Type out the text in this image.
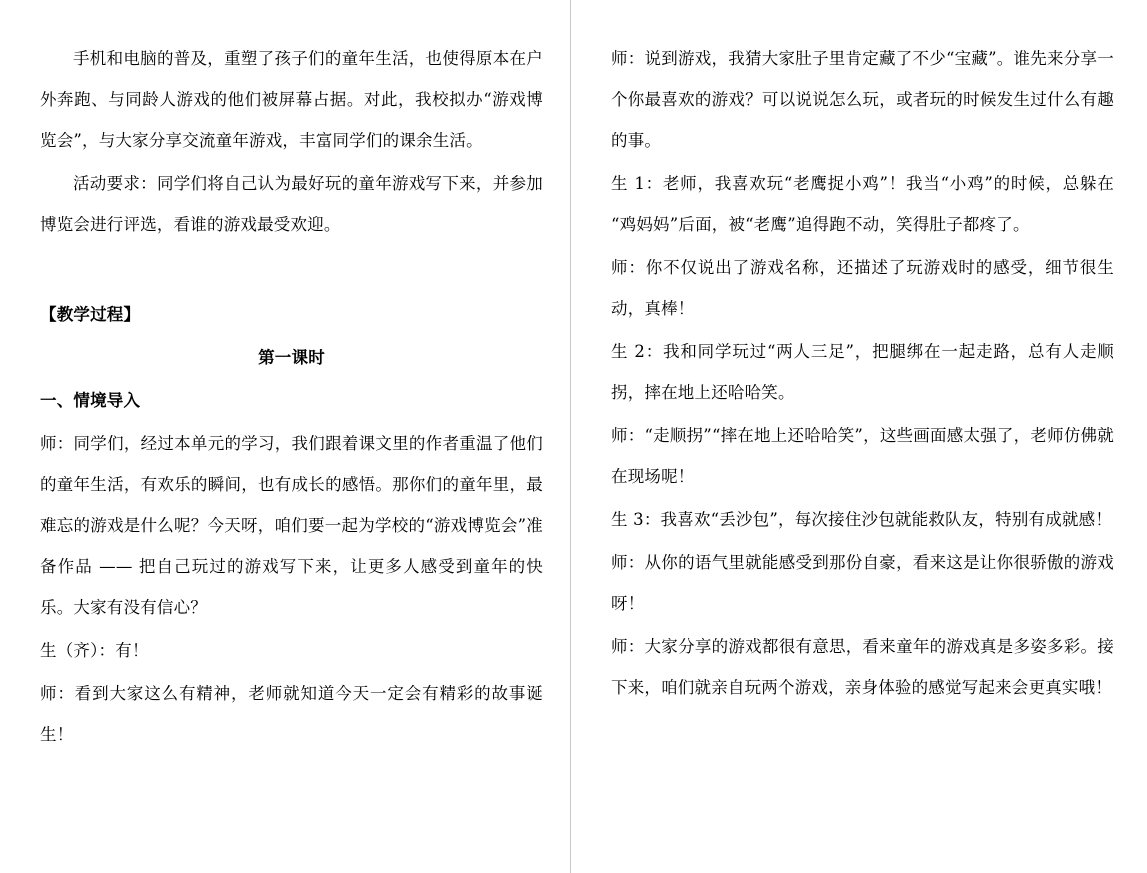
手机和电脑的普及，重塑了孩子们的童年生活，也使得原本在户外奔跑、与同龄人游戏的他们被屏幕占据。对此，我校拟办“游戏博览会”，与大家分享交流童年游戏，丰富同学们的课余生活。

活动要求：同学们将自己认为最好玩的童年游戏写下来，并参加博览会进行评选，看谁的游戏最受欢迎。

【教学过程】

第一课时

一、情境导入

师：同学们，经过本单元的学习，我们跟着课文里的作者重温了他们的童年生活，有欢乐的瞬间，也有成长的感悟。那你们的童年里，最难忘的游戏是什么呢？今天呀，咱们要一起为学校的“游戏博览会”准备作品 —— 把自己玩过的游戏写下来，让更多人感受到童年的快乐。大家有没有信心？

生（齐）：有！

师：看到大家这么有精神，老师就知道今天一定会有精彩的故事诞生！

师：说到游戏，我猜大家肚子里肯定藏了不少“宝藏”。谁先来分享一个你最喜欢的游戏？可以说说怎么玩，或者玩的时候发生过什么有趣的事。

生 1：老师，我喜欢玩“老鹰捉小鸡”！我当“小鸡”的时候，总躲在“鸡妈妈”后面，被“老鹰”追得跑不动，笑得肚子都疼了。

师：你不仅说出了游戏名称，还描述了玩游戏时的感受，细节很生动，真棒！

生 2：我和同学玩过“两人三足”，把腿绑在一起走路，总有人走顺拐，摔在地上还哈哈笑。

师：“走顺拐”“摔在地上还哈哈笑”，这些画面感太强了，老师仿佛就在现场呢！

生 3：我喜欢“丢沙包”，每次接住沙包就能救队友，特别有成就感！

师：从你的语气里就能感受到那份自豪，看来这是让你很骄傲的游戏呀！

师：大家分享的游戏都很有意思，看来童年的游戏真是多姿多彩。接下来，咱们就亲自玩两个游戏，亲身体验的感觉写起来会更真实哦！
